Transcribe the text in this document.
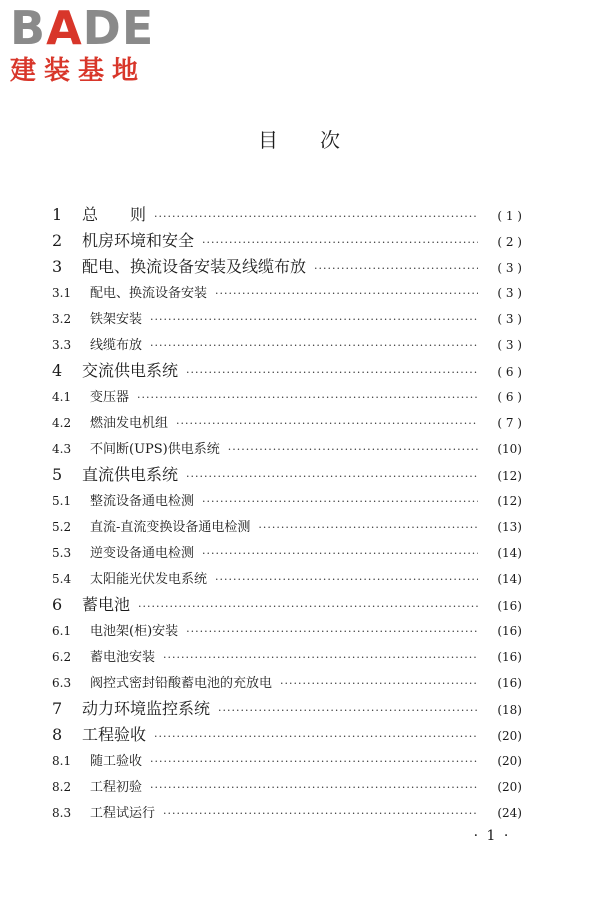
BADE
建装基地
目 次
1	总　　则 ·····	( 1 )
2	机房环境和安全 ·····	( 2 )
3	配电、换流设备安装及线缆布放 ·····	( 3 )
3.1	配电、换流设备安装 ·····	( 3 )
3.2	铁架安装 ·····	( 3 )
3.3	线缆布放 ·····	( 3 )
4	交流供电系统 ·····	( 6 )
4.1	变压器 ·····	( 6 )
4.2	燃油发电机组 ·····	( 7 )
4.3	不间断(UPS)供电系统 ·····	(10)
5	直流供电系统 ·····	(12)
5.1	整流设备通电检测 ·····	(12)
5.2	直流-直流变换设备通电检测 ·····	(13)
5.3	逆变设备通电检测 ·····	(14)
5.4	太阳能光伏发电系统 ·····	(14)
6	蓄电池 ·····	(16)
6.1	电池架(柜)安装 ·····	(16)
6.2	蓄电池安装 ·····	(16)
6.3	阀控式密封铅酸蓄电池的充放电 ·····	(16)
7	动力环境监控系统 ·····	(18)
8	工程验收 ·····	(20)
8.1	随工验收 ·····	(20)
8.2	工程初验 ·····	(20)
8.3	工程试运行 ·····	(24)
· 1 ·
